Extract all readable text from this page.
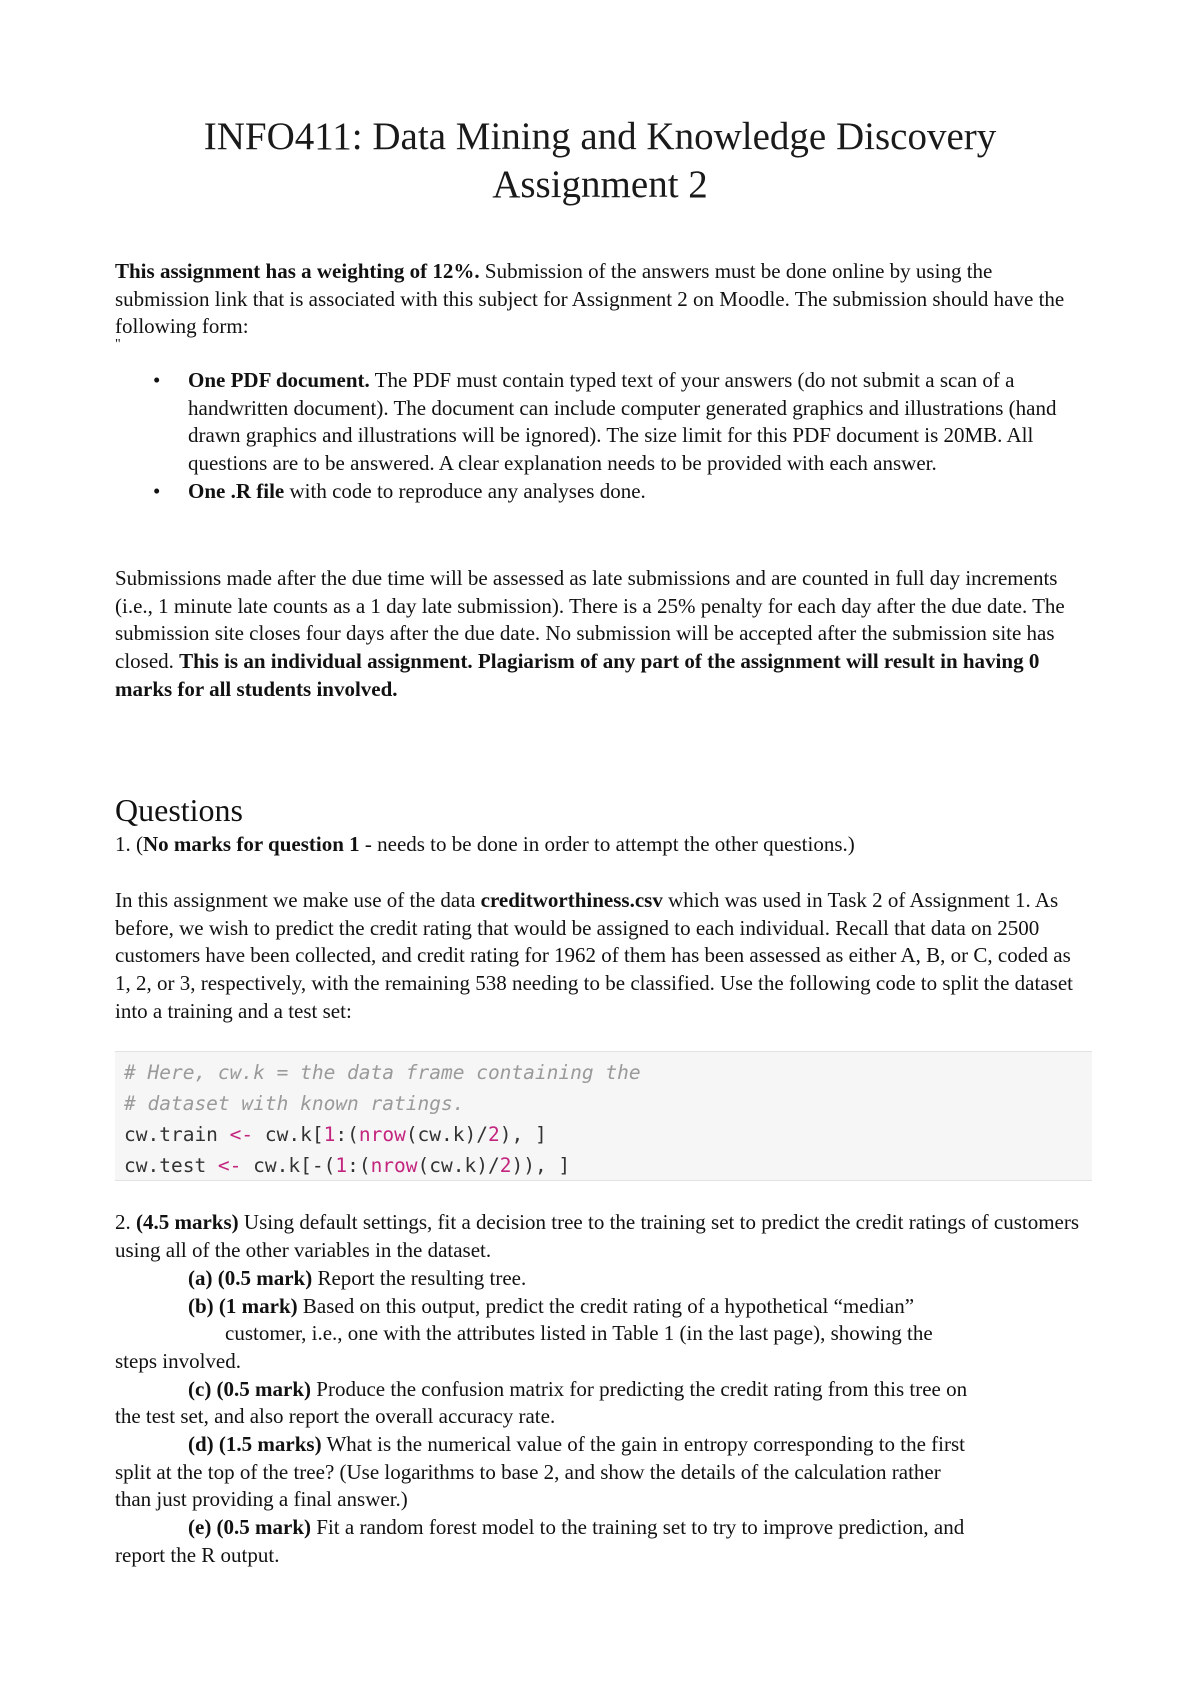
INFO411: Data Mining and Knowledge Discovery
Assignment 2

This assignment has a weighting of 12%. Submission of the answers must be done online by using the submission link that is associated with this subject for Assignment 2 on Moodle. The submission should have the following form:

"
• One PDF document. The PDF must contain typed text of your answers (do not submit a scan of a handwritten document). The document can include computer generated graphics and illustrations (hand drawn graphics and illustrations will be ignored). The size limit for this PDF document is 20MB. All questions are to be answered. A clear explanation needs to be provided with each answer.
• One .R file with code to reproduce any analyses done.

Submissions made after the due time will be assessed as late submissions and are counted in full day increments (i.e., 1 minute late counts as a 1 day late submission). There is a 25% penalty for each day after the due date. The submission site closes four days after the due date. No submission will be accepted after the submission site has closed. This is an individual assignment. Plagiarism of any part of the assignment will result in having 0 marks for all students involved.

Questions

1. (No marks for question 1 - needs to be done in order to attempt the other questions.)

In this assignment we make use of the data creditworthiness.csv which was used in Task 2 of Assignment 1. As before, we wish to predict the credit rating that would be assigned to each individual. Recall that data on 2500 customers have been collected, and credit rating for 1962 of them has been assessed as either A, B, or C, coded as 1, 2, or 3, respectively, with the remaining 538 needing to be classified. Use the following code to split the dataset into a training and a test set:

# Here, cw.k = the data frame containing the
# dataset with known ratings.
cw.train <- cw.k[1:(nrow(cw.k)/2), ]
cw.test <- cw.k[-(1:(nrow(cw.k)/2)), ]

2. (4.5 marks) Using default settings, fit a decision tree to the training set to predict the credit ratings of customers using all of the other variables in the dataset.

(a) (0.5 mark) Report the resulting tree.
(b) (1 mark) Based on this output, predict the credit rating of a hypothetical “median”
customer, i.e., one with the attributes listed in Table 1 (in the last page), showing the
steps involved.
(c) (0.5 mark) Produce the confusion matrix for predicting the credit rating from this tree on
the test set, and also report the overall accuracy rate.
(d) (1.5 marks) What is the numerical value of the gain in entropy corresponding to the first
split at the top of the tree? (Use logarithms to base 2, and show the details of the calculation rather
than just providing a final answer.)
(e) (0.5 mark) Fit a random forest model to the training set to try to improve prediction, and
report the R output.
